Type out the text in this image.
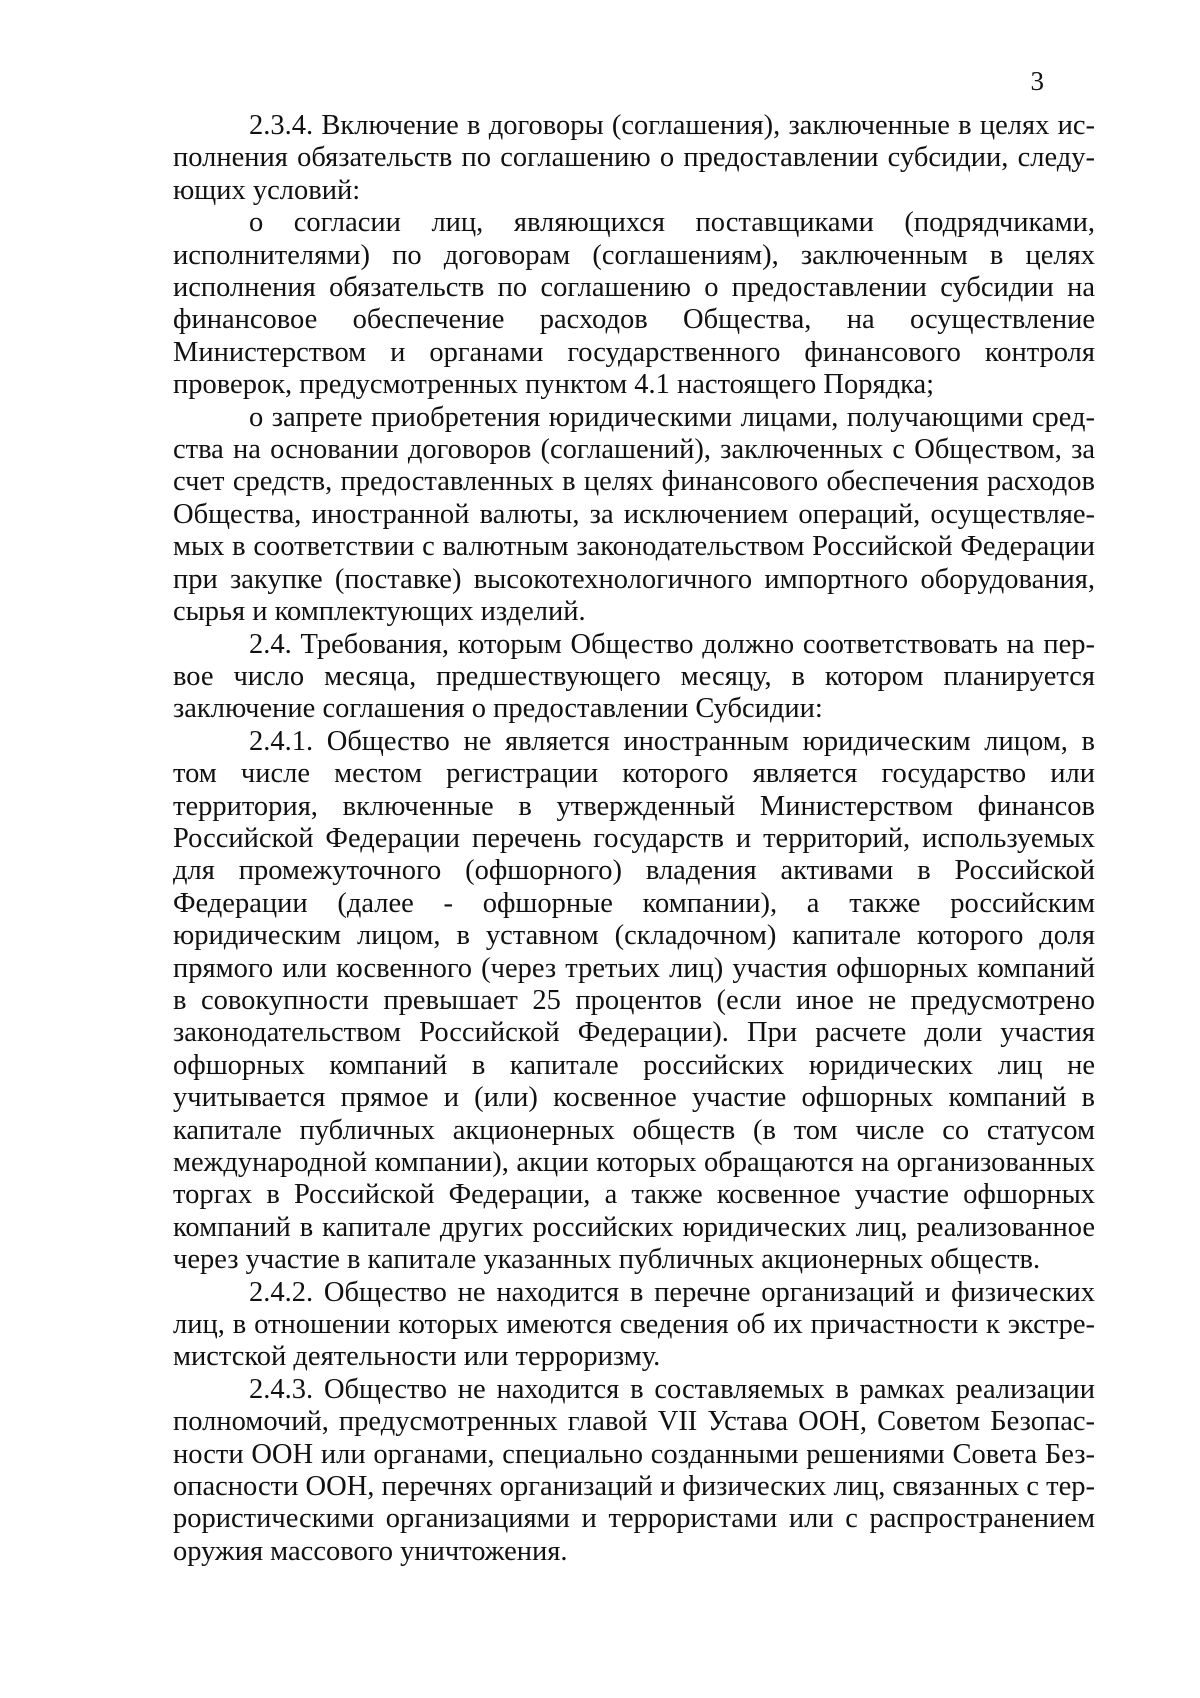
3

2.3.4. Включение в договоры (соглашения), заключенные в целях исполнения обязательств по соглашению о предоставлении субсидии, следующих условий:

о согласии лиц, являющихся поставщиками (подрядчиками, исполнителями) по договорам (соглашениям), заключенным в целях исполнения обязательств по соглашению о предоставлении субсидии на финансовое обеспечение расходов Общества, на осуществление Министерством и органами государственного финансового контроля проверок, предусмотренных пунктом 4.1 настоящего Порядка;

о запрете приобретения юридическими лицами, получающими средства на основании договоров (соглашений), заключенных с Обществом, за счет средств, предоставленных в целях финансового обеспечения расходов Общества, иностранной валюты, за исключением операций, осуществляемых в соответствии с валютным законодательством Российской Федерации при закупке (поставке) высокотехнологичного импортного оборудования, сырья и комплектующих изделий.

2.4. Требования, которым Общество должно соответствовать на первое число месяца, предшествующего месяцу, в котором планируется заключение соглашения о предоставлении Субсидии:

2.4.1. Общество не является иностранным юридическим лицом, в том числе местом регистрации которого является государство или территория, включенные в утвержденный Министерством финансов Российской Федерации перечень государств и территорий, используемых для промежуточного (офшорного) владения активами в Российской Федерации (далее - офшорные компании), а также российским юридическим лицом, в уставном (складочном) капитале которого доля прямого или косвенного (через третьих лиц) участия офшорных компаний в совокупности превышает 25 процентов (если иное не предусмотрено законодательством Российской Федерации). При расчете доли участия офшорных компаний в капитале российских юридических лиц не учитывается прямое и (или) косвенное участие офшорных компаний в капитале публичных акционерных обществ (в том числе со статусом международной компании), акции которых обращаются на организованных торгах в Российской Федерации, а также косвенное участие офшорных компаний в капитале других российских юридических лиц, реализованное через участие в капитале указанных публичных акционерных обществ.

2.4.2. Общество не находится в перечне организаций и физических лиц, в отношении которых имеются сведения об их причастности к экстремистской деятельности или терроризму.

2.4.3. Общество не находится в составляемых в рамках реализации полномочий, предусмотренных главой VII Устава ООН, Советом Безопасности ООН или органами, специально созданными решениями Совета Безопасности ООН, перечнях организаций и физических лиц, связанных с террористическими организациями и террористами или с распространением оружия массового уничтожения.
